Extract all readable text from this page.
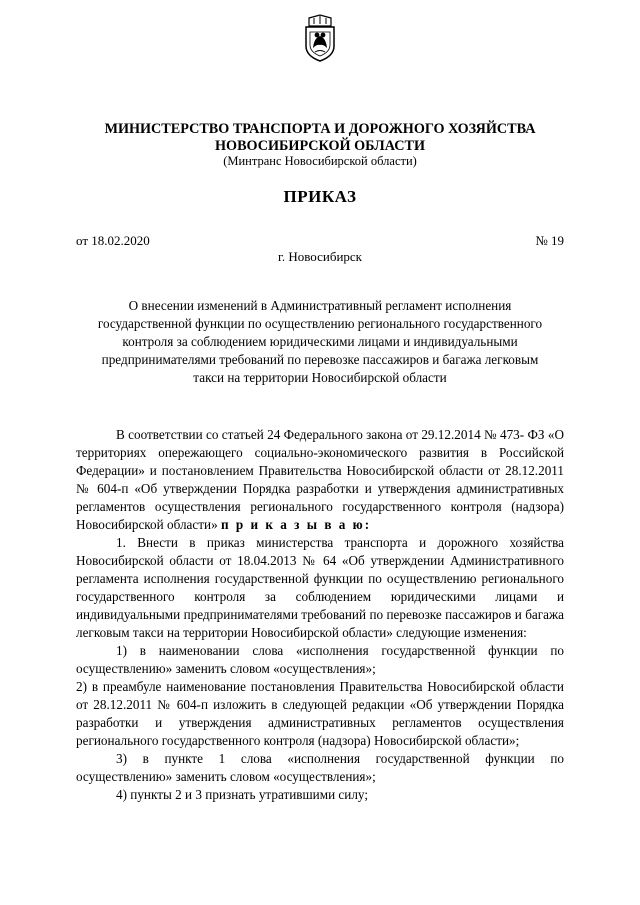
МИНИСТЕРСТВО ТРАНСПОРТА И ДОРОЖНОГО ХОЗЯЙСТВА
НОВОСИБИРСКОЙ ОБЛАСТИ
(Минтранс Новосибирской области)
ПРИКАЗ
от 18.02.2020	№ 19
г. Новосибирск
О внесении изменений в Административный регламент исполнения
государственной функции по осуществлению регионального государственного
контроля за соблюдением юридическими лицами и индивидуальными
предпринимателями требований по перевозке пассажиров и багажа легковым
такси на территории Новосибирской области

В соответствии со статьей 24 Федерального закона от 29.12.2014 № 473- ФЗ «О территориях опережающего социально-экономического развития в Российской Федерации» и постановлением Правительства Новосибирской области от 28.12.2011 № 604-п «Об утверждении Порядка разработки и утверждения административных регламентов осуществления регионального государственного контроля (надзора) Новосибирской области» п р и к а з ы в а ю:

1. Внести в приказ министерства транспорта и дорожного хозяйства Новосибирской области от 18.04.2013 № 64 «Об утверждении Административного регламента исполнения государственной функции по осуществлению регионального государственного контроля за соблюдением юридическими лицами и индивидуальными предпринимателями требований по перевозке пассажиров и багажа легковым такси на территории Новосибирской области» следующие изменения:

1) в наименовании слова «исполнения государственной функции по осуществлению» заменить словом «осуществления»;

2) в преамбуле наименование постановления Правительства Новосибирской области от 28.12.2011 № 604-п изложить в следующей редакции «Об утверждении Порядка разработки и утверждения административных регламентов осуществления регионального государственного контроля (надзора) Новосибирской области»;

3) в пункте 1 слова «исполнения государственной функции по осуществлению» заменить словом «осуществления»;

4) пункты 2 и 3 признать утратившими силу;
